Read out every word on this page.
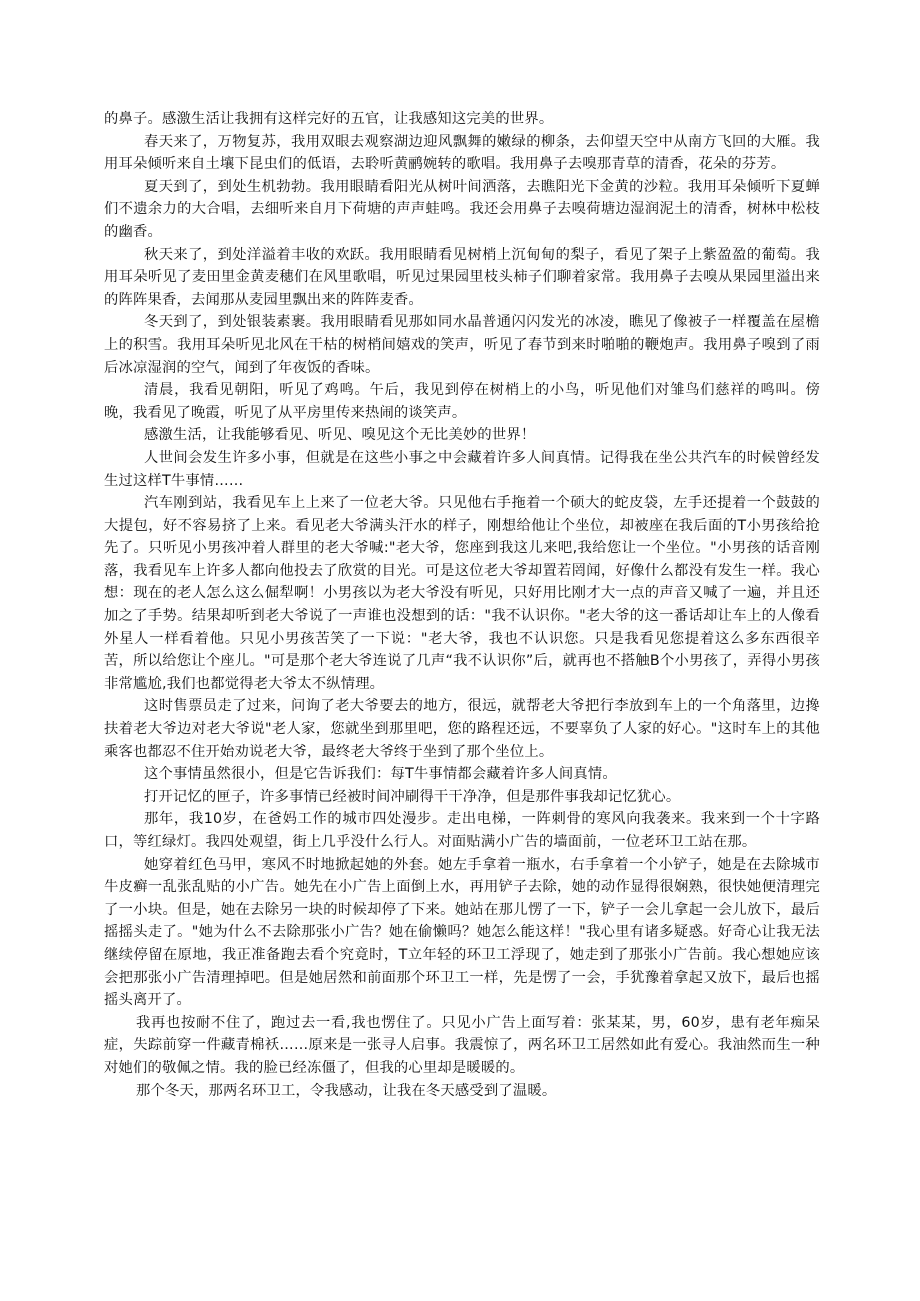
的鼻子。感激生活让我拥有这样完好的五官，让我感知这完美的世界。

春天来了，万物复苏，我用双眼去观察湖边迎风飘舞的嫩绿的柳条，去仰望天空中从南方飞回的大雁。我用耳朵倾听来自土壤下昆虫们的低语，去聆听黄鹂婉转的歌唱。我用鼻子去嗅那青草的清香，花朵的芬芳。

夏天到了，到处生机勃勃。我用眼睛看阳光从树叶间洒落，去瞧阳光下金黄的沙粒。我用耳朵倾听下夏蝉们不遗余力的大合唱，去细听来自月下荷塘的声声蛙鸣。我还会用鼻子去嗅荷塘边湿润泥土的清香，树林中松枝的幽香。

秋天来了，到处洋溢着丰收的欢跃。我用眼睛看见树梢上沉甸甸的梨子，看见了架子上紫盈盈的葡萄。我用耳朵听见了麦田里金黄麦穗们在风里歌唱，听见过果园里枝头柿子们聊着家常。我用鼻子去嗅从果园里溢出来的阵阵果香，去闻那从麦园里飘出来的阵阵麦香。

冬天到了，到处银装素裹。我用眼睛看见那如同水晶普通闪闪发光的冰凌，瞧见了像被子一样覆盖在屋檐上的积雪。我用耳朵听见北风在干枯的树梢间嬉戏的笑声，听见了春节到来时啪啪的鞭炮声。我用鼻子嗅到了雨后冰凉湿润的空气，闻到了年夜饭的香味。

清晨，我看见朝阳，听见了鸡鸣。午后，我见到停在树梢上的小鸟，听见他们对雏鸟们慈祥的鸣叫。傍晚，我看见了晚霞，听见了从平房里传来热闹的谈笑声。

感激生活，让我能够看见、听见、嗅见这个无比美妙的世界！

人世间会发生许多小事，但就是在这些小事之中会藏着许多人间真情。记得我在坐公共汽车的时候曾经发生过这样T牛事情……

汽车刚到站，我看见车上上来了一位老大爷。只见他右手拖着一个硕大的蛇皮袋，左手还提着一个鼓鼓的大提包，好不容易挤了上来。看见老大爷满头汗水的样子，刚想给他让个坐位，却被座在我后面的T小男孩给抢先了。只听见小男孩冲着人群里的老大爷喊:"老大爷，您座到我这儿来吧,我给您让一个坐位。"小男孩的话音刚落，我看见车上许多人都向他投去了欣赏的目光。可是这位老大爷却置若罔闻，好像什么都没有发生一样。我心想：现在的老人怎么这么倔犁啊！小男孩以为老大爷没有听见，只好用比刚才大一点的声音又喊了一遍，并且还加之了手势。结果却听到老大爷说了一声谁也没想到的话："我不认识你。"老大爷的这一番话却让车上的人像看外星人一样看着他。只见小男孩苦笑了一下说："老大爷，我也不认识您。只是我看见您提着这么多东西很辛苦，所以给您让个座儿。"可是那个老大爷连说了几声“我不认识你”后，就再也不搭触B个小男孩了，弄得小男孩非常尴尬,我们也都觉得老大爷太不纵情理。

这时售票员走了过来，问询了老大爷要去的地方，很远，就帮老大爷把行李放到车上的一个角落里，边搀扶着老大爷边对老大爷说"老人家，您就坐到那里吧，您的路程还远，不要辜负了人家的好心。"这时车上的其他乘客也都忍不住开始劝说老大爷，最终老大爷终于坐到了那个坐位上。

这个事情虽然很小，但是它告诉我们：每T牛事情都会藏着许多人间真情。

打开记忆的匣子，许多事情已经被时间冲刷得干干净净，但是那件事我却记忆犹心。

那年，我10岁，在爸妈工作的城市四处漫步。走出电梯，一阵刺骨的寒风向我袭来。我来到一个十字路口，等红绿灯。我四处观望，街上几乎没什么行人。对面贴满小广告的墙面前，一位老环卫工站在那。

她穿着红色马甲，寒风不时地掀起她的外套。她左手拿着一瓶水，右手拿着一个小铲子，她是在去除城市牛皮癣一乱张乱贴的小广告。她先在小广告上面倒上水，再用铲子去除，她的动作显得很娴熟，很快她便清理完了一小块。但是，她在去除另一块的时候却停了下来。她站在那儿愣了一下，铲子一会儿拿起一会儿放下，最后摇摇头走了。"她为什么不去除那张小广告？她在偷懒吗？她怎么能这样！"我心里有诸多疑惑。好奇心让我无法继续停留在原地，我正准备跑去看个究竟时，T立年轻的环卫工浮现了，她走到了那张小广告前。我心想她应该会把那张小广告清理掉吧。但是她居然和前面那个环卫工一样，先是愣了一会，手犹豫着拿起又放下，最后也摇摇头离开了。

我再也按耐不住了，跑过去一看,我也愣住了。只见小广告上面写着：张某某，男，60岁，患有老年痴呆症，失踪前穿一件藏青棉袄……原来是一张寻人启事。我震惊了，两名环卫工居然如此有爱心。我油然而生一种对她们的敬佩之情。我的脸已经冻僵了，但我的心里却是暖暖的。

那个冬天，那两名环卫工，令我感动，让我在冬天感受到了温暖。
